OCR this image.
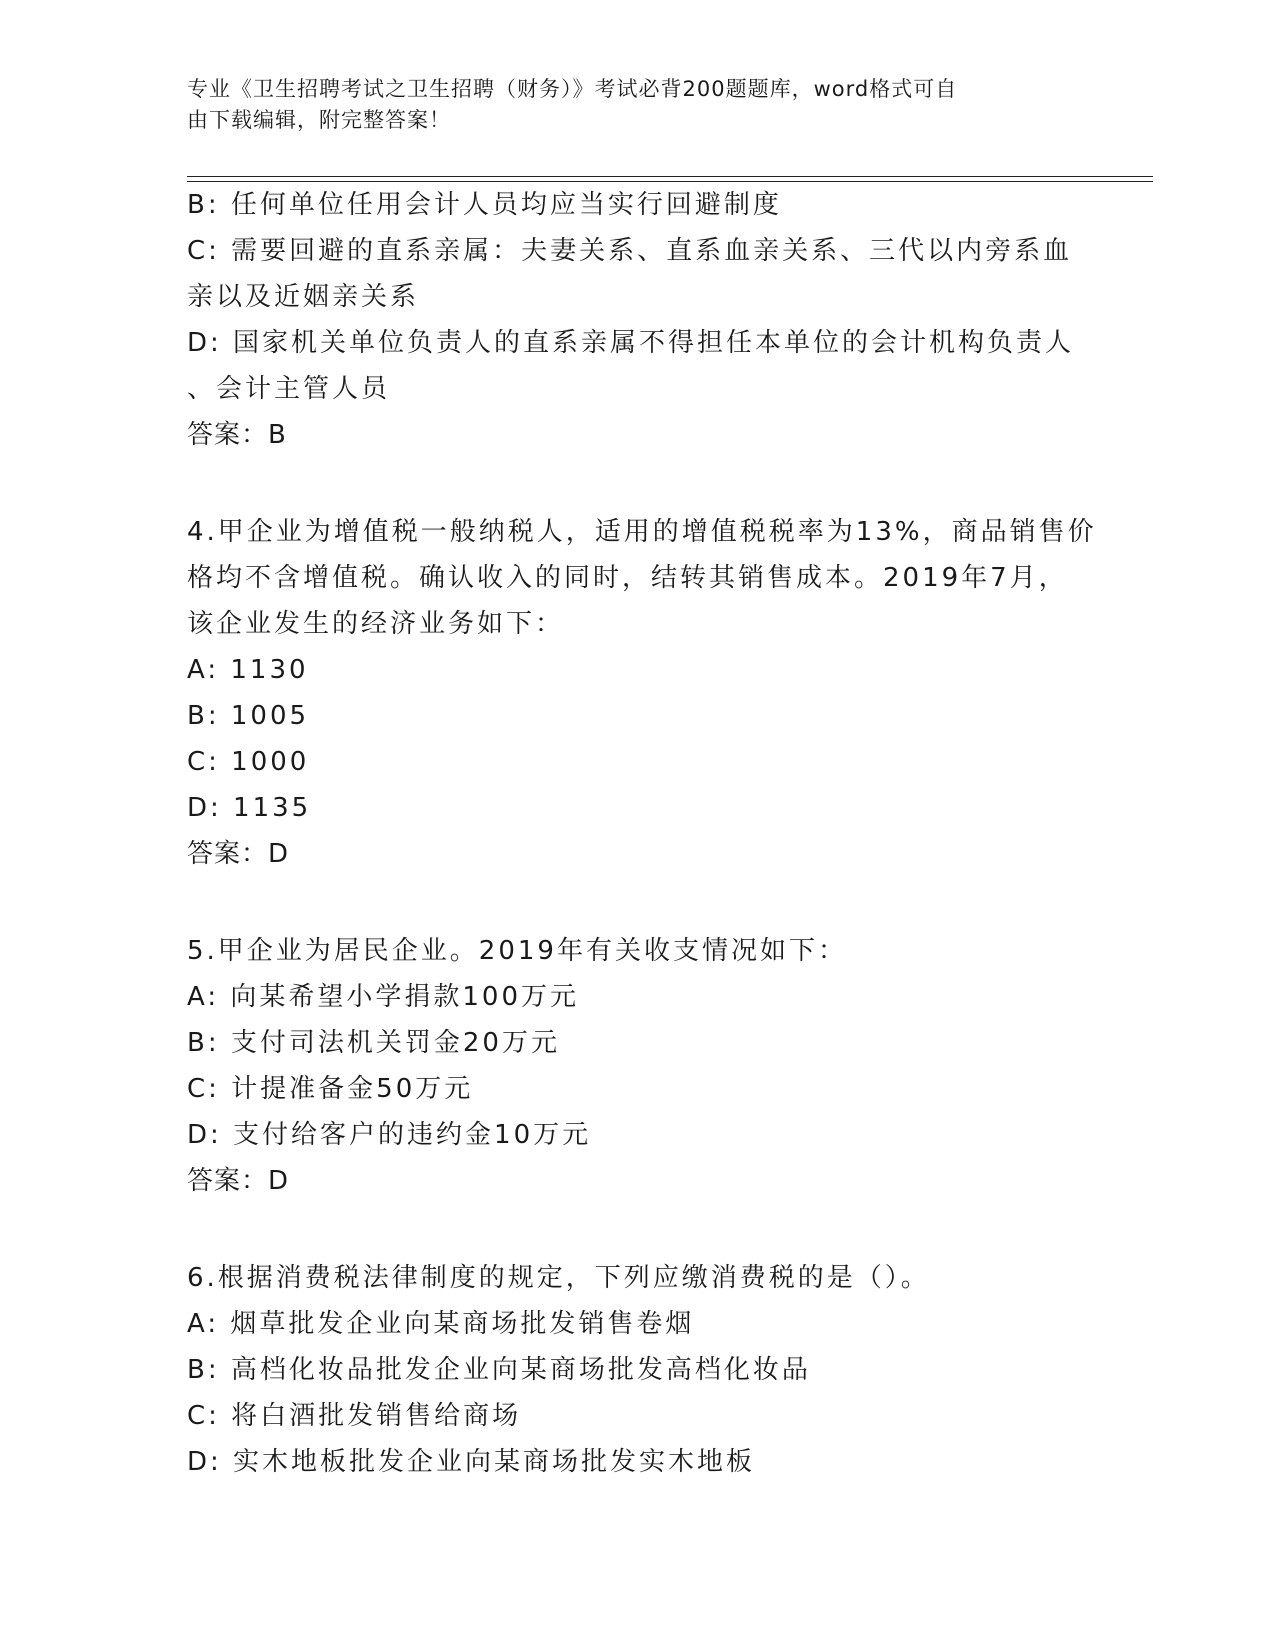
专业《卫生招聘考试之卫生招聘（财务）》考试必背200题题库，word格式可自
由下载编辑，附完整答案！
B: 任何单位任用会计人员均应当实行回避制度
C: 需要回避的直系亲属：夫妻关系、直系血亲关系、三代以内旁系血
亲以及近姻亲关系
D: 国家机关单位负责人的直系亲属不得担任本单位的会计机构负责人
、会计主管人员
答案：B
4.甲企业为增值税一般纳税人，适用的增值税税率为13%，商品销售价
格均不含增值税。确认收入的同时，结转其销售成本。2019年7月，
该企业发生的经济业务如下：
A: 1130
B: 1005
C: 1000
D: 1135
答案：D
5.甲企业为居民企业。2019年有关收支情况如下：
A: 向某希望小学捐款100万元
B: 支付司法机关罚金20万元
C: 计提准备金50万元
D: 支付给客户的违约金10万元
答案：D
6.根据消费税法律制度的规定，下列应缴消费税的是（）。
A: 烟草批发企业向某商场批发销售卷烟
B: 高档化妆品批发企业向某商场批发高档化妆品
C: 将白酒批发销售给商场
D: 实木地板批发企业向某商场批发实木地板
